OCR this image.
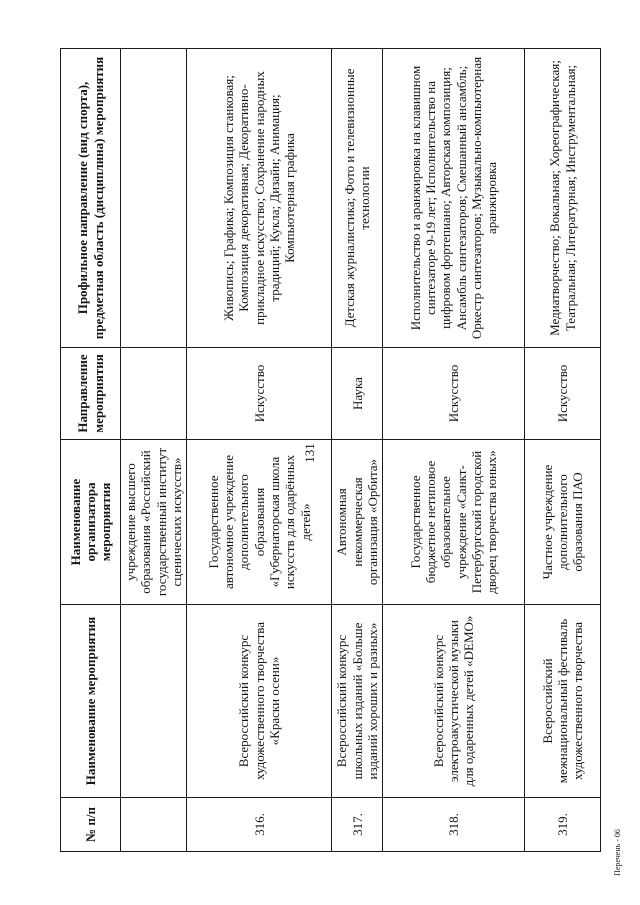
131
№ п/п	Наименование мероприятия	Наименование организатора мероприятия	Направление мероприятия	Профильное направление (вид спорта), предметная область (дисциплина) мероприятия
		учреждение высшего образования «Российский государственный институт сценических искусств»		
316.	Всероссийский конкурс художественного творчества «Краски осени»	Государственное автономное учреждение дополнительного образования «Губернаторская школа искусств для одарённых детей»	Искусство	Живопись; Графика; Композиция станковая; Композиция декоративная; Декоративно- прикладное искусство; Сохранение народных традиций; Кукла; Дизайн; Анимация; Компьютерная графика
317.	Всероссийский конкурс школьных изданий «Больше изданий хороших и разных»	Автономная некоммерческая организация «Орбита»	Наука	Детская журналистика; Фото и телевизионные технологии
318.	Всероссийский конкурс электроакустической музыки для одаренных детей «DEMO»	Государственное бюджетное нетиповое образовательное учреждение «Санкт-Петербургский городской дворец творчества юных»	Искусство	Исполнительство и аранжировка на клавишном синтезаторе 9-19 лет; Исполнительство на цифровом фортепиано; Авторская композиция; Ансамбль синтезаторов; Смешанный ансамбль; Оркестр синтезаторов; Музыкально-компьютерная аранжировка
319.	Всероссийский межнациональный фестиваль художественного творчества	Частное учреждение дополнительного образования ПАО	Искусство	Медиатворчество; Вокальная; Хореографическая; Театральная; Литературная; Инструментальная;
Перечень - 06
